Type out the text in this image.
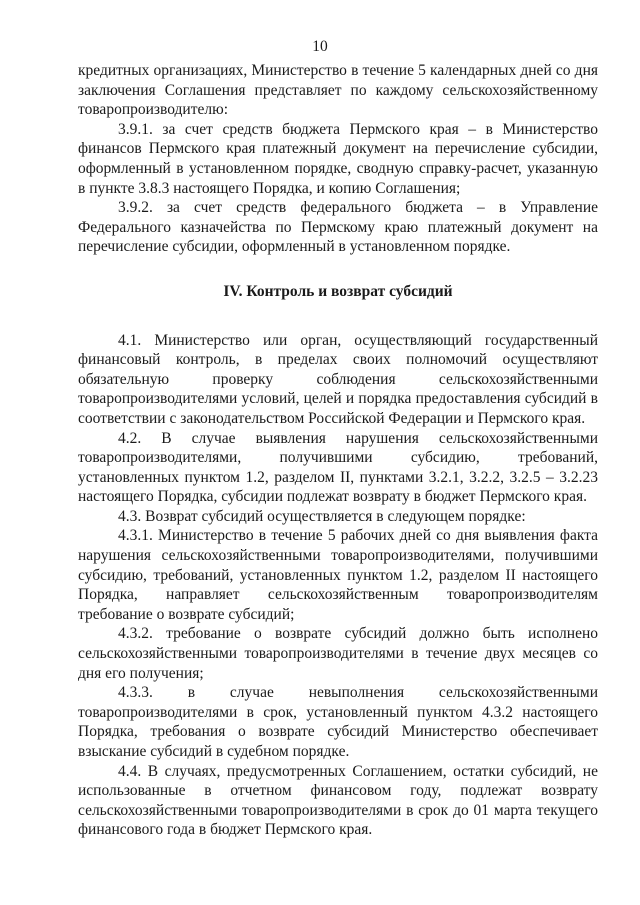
10

кредитных организациях, Министерство в течение 5 календарных дней со дня заключения Соглашения представляет по каждому сельскохозяйственному товаропроизводителю:

3.9.1. за счет средств бюджета Пермского края – в Министерство финансов Пермского края платежный документ на перечисление субсидии, оформленный в установленном порядке, сводную справку-расчет, указанную в пункте 3.8.3 настоящего Порядка, и копию Соглашения;

3.9.2. за счет средств федерального бюджета – в Управление Федерального казначейства по Пермскому краю платежный документ на перечисление субсидии, оформленный в установленном порядке.

IV. Контроль и возврат субсидий

4.1. Министерство или орган, осуществляющий государственный финансовый контроль, в пределах своих полномочий осуществляют обязательную проверку соблюдения сельскохозяйственными товаропроизводителями условий, целей и порядка предоставления субсидий в соответствии с законодательством Российской Федерации и Пермского края.

4.2. В случае выявления нарушения сельскохозяйственными товаропроизводителями, получившими субсидию, требований, установленных пунктом 1.2, разделом II, пунктами 3.2.1, 3.2.2, 3.2.5 – 3.2.23 настоящего Порядка, субсидии подлежат возврату в бюджет Пермского края.

4.3. Возврат субсидий осуществляется в следующем порядке:

4.3.1. Министерство в течение 5 рабочих дней со дня выявления факта нарушения сельскохозяйственными товаропроизводителями, получившими субсидию, требований, установленных пунктом 1.2, разделом II настоящего Порядка, направляет сельскохозяйственным товаропроизводителям требование о возврате субсидий;

4.3.2. требование о возврате субсидий должно быть исполнено сельскохозяйственными товаропроизводителями в течение двух месяцев со дня его получения;

4.3.3. в случае невыполнения сельскохозяйственными товаропроизводителями в срок, установленный пунктом 4.3.2 настоящего Порядка, требования о возврате субсидий Министерство обеспечивает взыскание субсидий в судебном порядке.

4.4. В случаях, предусмотренных Соглашением, остатки субсидий, не использованные в отчетном финансовом году, подлежат возврату сельскохозяйственными товаропроизводителями в срок до 01 марта текущего финансового года в бюджет Пермского края.
